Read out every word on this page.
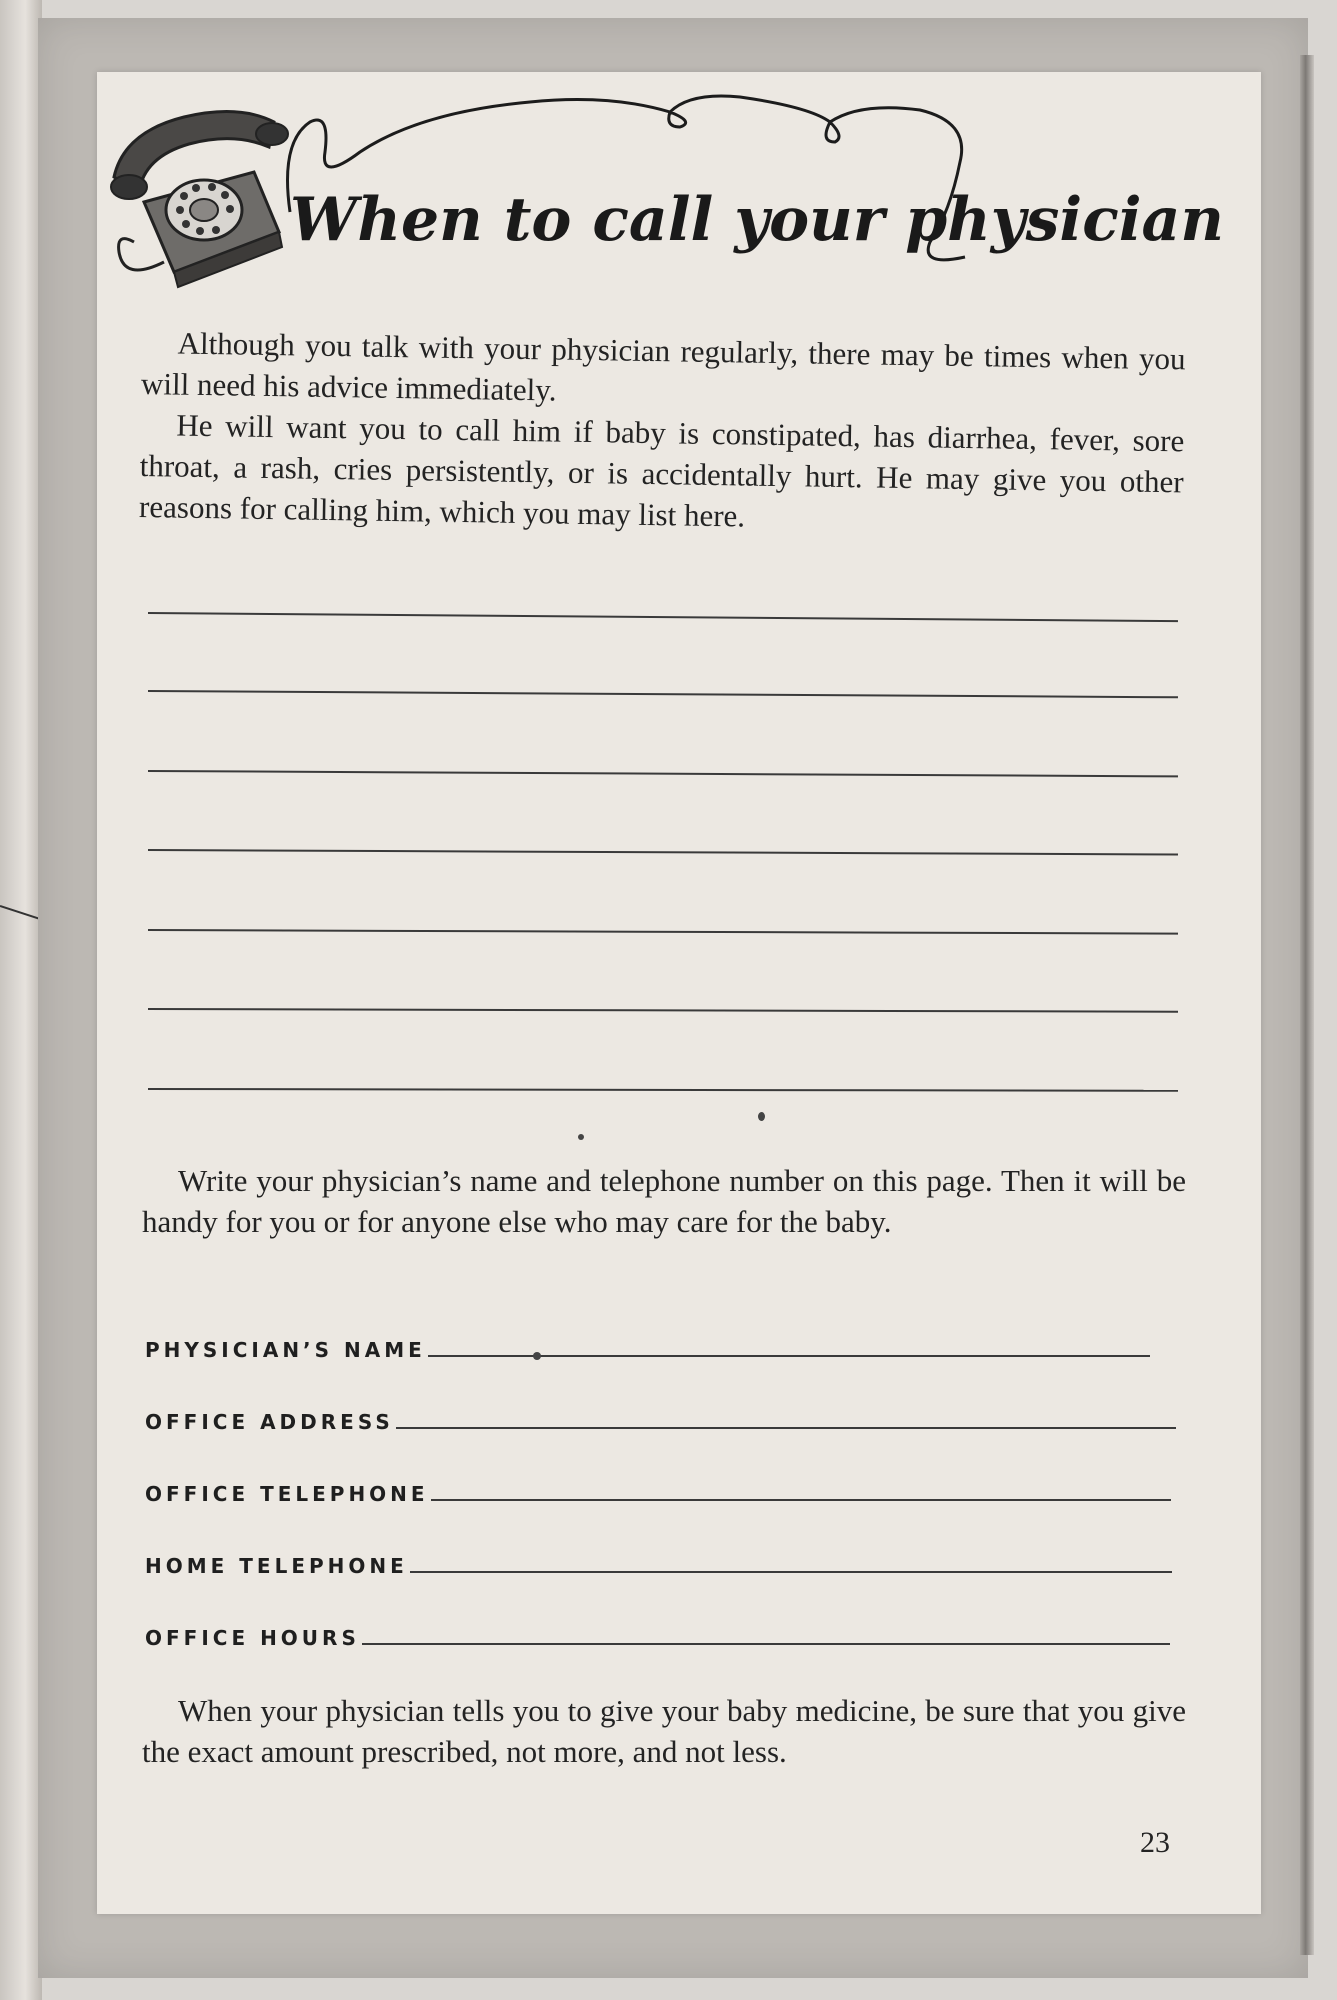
When to call your physician

Although you talk with your physician regularly, there may be times when you will need his advice immediately.
He will want you to call him if baby is constipated, has diarrhea, fever, sore throat, a rash, cries persistently, or is accidentally hurt. He may give you other reasons for calling him, which you may list here.

Write your physician’s name and telephone number on this page. Then it will be handy for you or for anyone else who may care for the baby.

PHYSICIAN’S NAME
OFFICE ADDRESS
OFFICE TELEPHONE
HOME TELEPHONE
OFFICE HOURS

When your physician tells you to give your baby medicine, be sure that you give the exact amount prescribed, not more, and not less.

23
